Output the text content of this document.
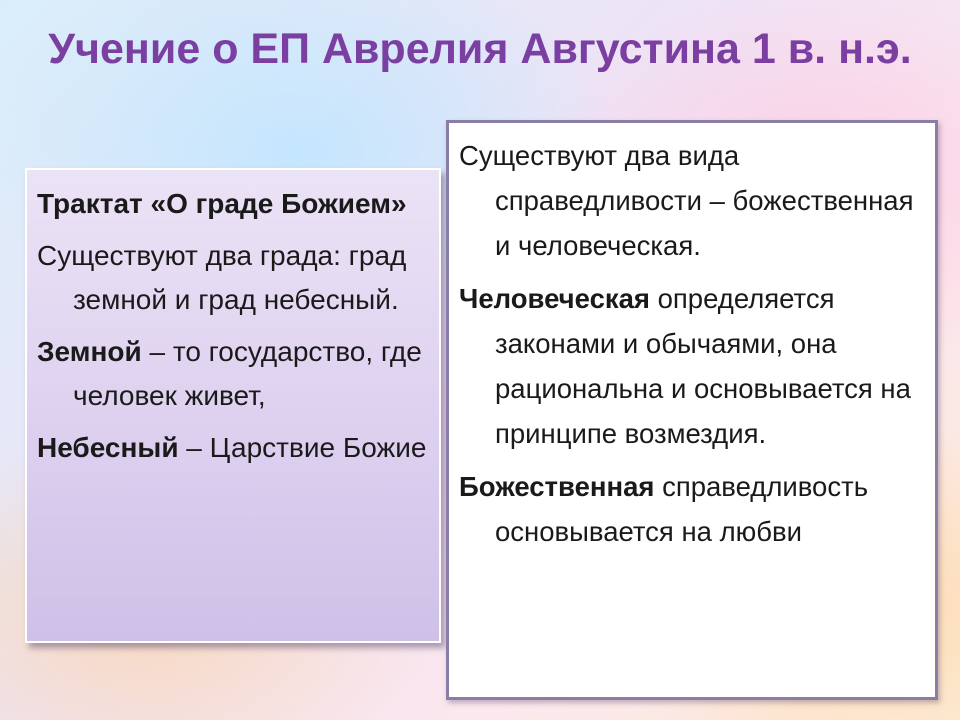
Учение о ЕП Аврелия Августина 1 в. н.э.

Трактат «О граде Божием»

Существуют два града: град земной и град небесный.

Земной – то государство, где человек живет,

Небесный – Царствие Божие

Существуют два вида справедливости – божественная и человеческая.

Человеческая определяется законами и обычаями, она рациональна и основывается на принципе возмездия.

Божественная справедливость основывается на любви
